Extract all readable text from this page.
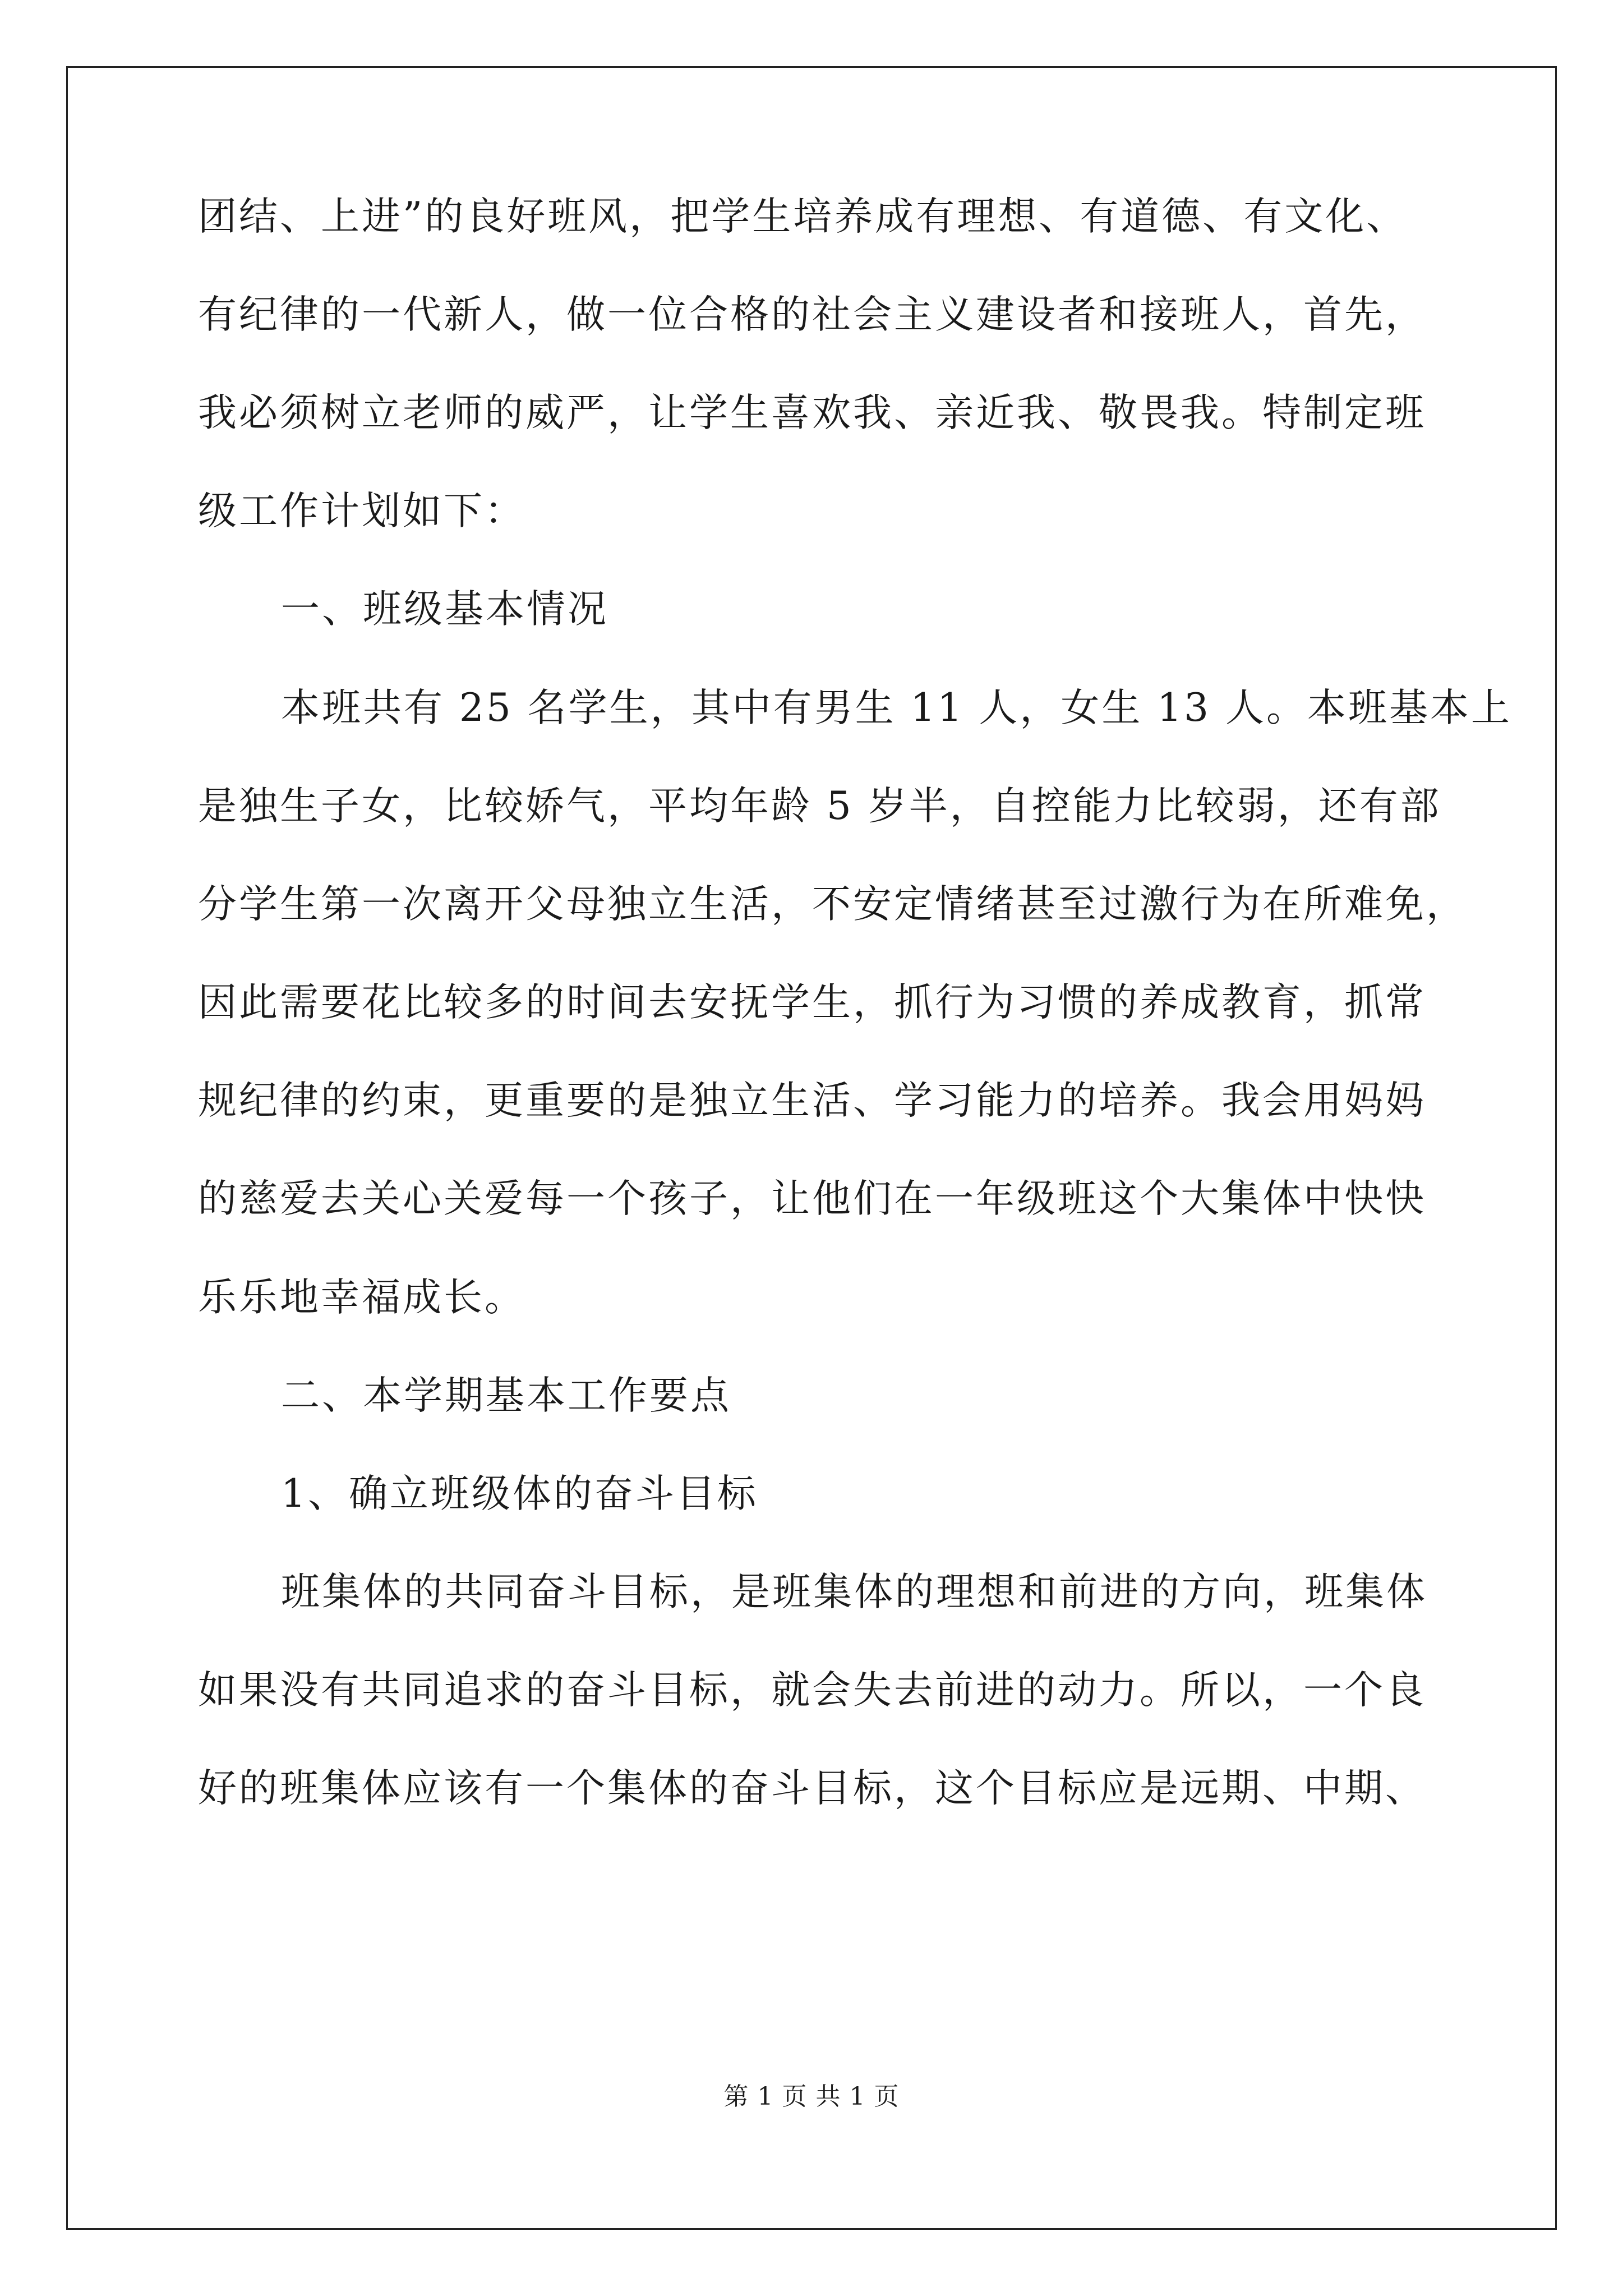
团结、上进”的良好班风，把学生培养成有理想、有道德、有文化、
有纪律的一代新人，做一位合格的社会主义建设者和接班人，首先，
我必须树立老师的威严，让学生喜欢我、亲近我、敬畏我。特制定班
级工作计划如下：
一、班级基本情况
本班共有 25 名学生，其中有男生 11 人，女生 13 人。本班基本上
是独生子女，比较娇气，平均年龄 5 岁半，自控能力比较弱，还有部
分学生第一次离开父母独立生活，不安定情绪甚至过激行为在所难免，
因此需要花比较多的时间去安抚学生，抓行为习惯的养成教育，抓常
规纪律的约束，更重要的是独立生活、学习能力的培养。我会用妈妈
的慈爱去关心关爱每一个孩子，让他们在一年级班这个大集体中快快
乐乐地幸福成长。
二、本学期基本工作要点
1、确立班级体的奋斗目标
班集体的共同奋斗目标，是班集体的理想和前进的方向，班集体
如果没有共同追求的奋斗目标，就会失去前进的动力。所以，一个良
好的班集体应该有一个集体的奋斗目标，这个目标应是远期、中期、
第 1 页 共 1 页
